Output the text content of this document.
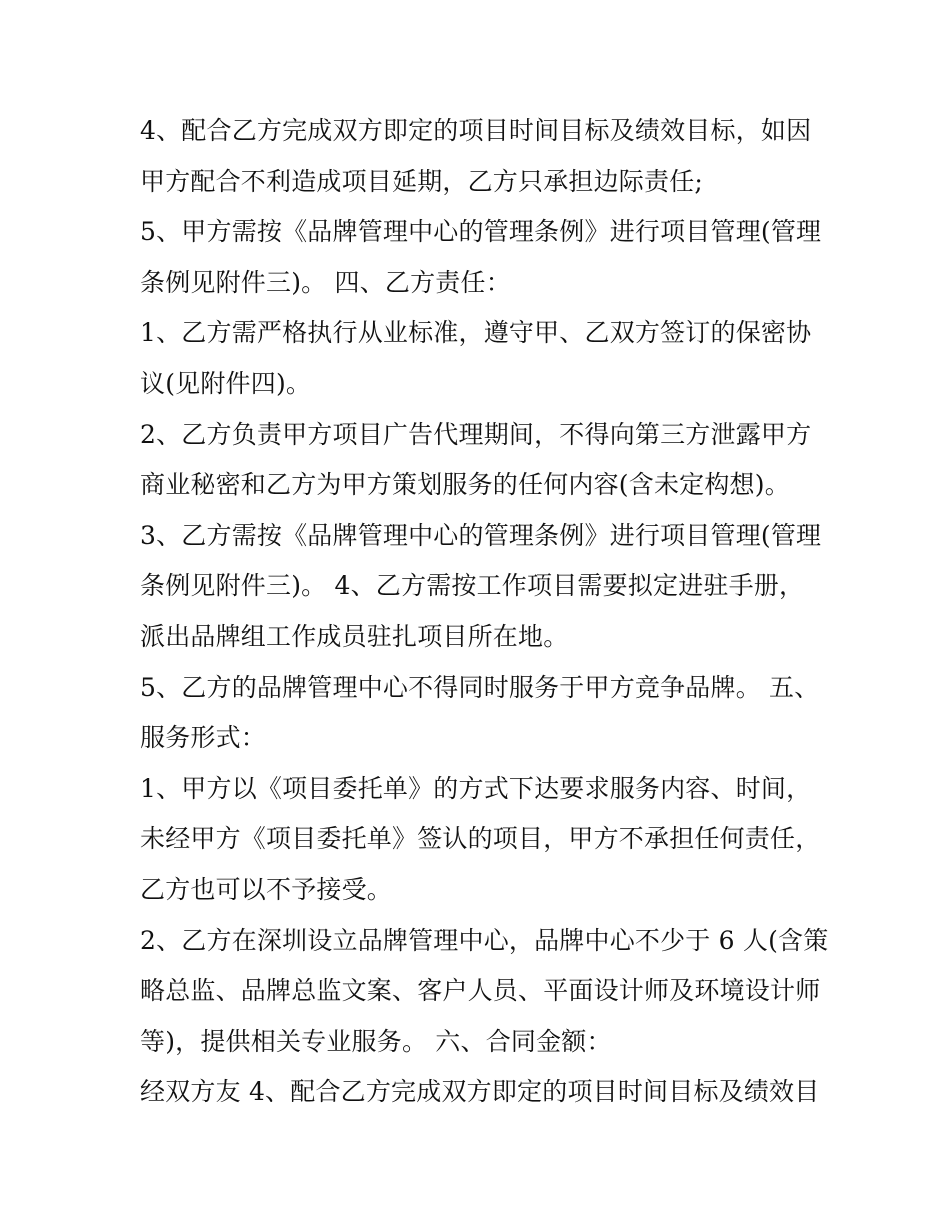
4、配合乙方完成双方即定的项目时间目标及绩效目标，如因
甲方配合不利造成项目延期，乙方只承担边际责任;
5、甲方需按《品牌管理中心的管理条例》进行项目管理(管理
条例见附件三)。 四、乙方责任：
1、乙方需严格执行从业标准，遵守甲、乙双方签订的保密协
议(见附件四)。
2、乙方负责甲方项目广告代理期间，不得向第三方泄露甲方
商业秘密和乙方为甲方策划服务的任何内容(含未定构想)。
3、乙方需按《品牌管理中心的管理条例》进行项目管理(管理
条例见附件三)。 4、乙方需按工作项目需要拟定进驻手册，
派出品牌组工作成员驻扎项目所在地。
5、乙方的品牌管理中心不得同时服务于甲方竞争品牌。 五、
服务形式：
1、甲方以《项目委托单》的方式下达要求服务内容、时间，
未经甲方《项目委托单》签认的项目，甲方不承担任何责任，
乙方也可以不予接受。
2、乙方在深圳设立品牌管理中心，品牌中心不少于 6 人(含策
略总监、品牌总监文案、客户人员、平面设计师及环境设计师
等)，提供相关专业服务。 六、合同金额：
经双方友 4、配合乙方完成双方即定的项目时间目标及绩效目
